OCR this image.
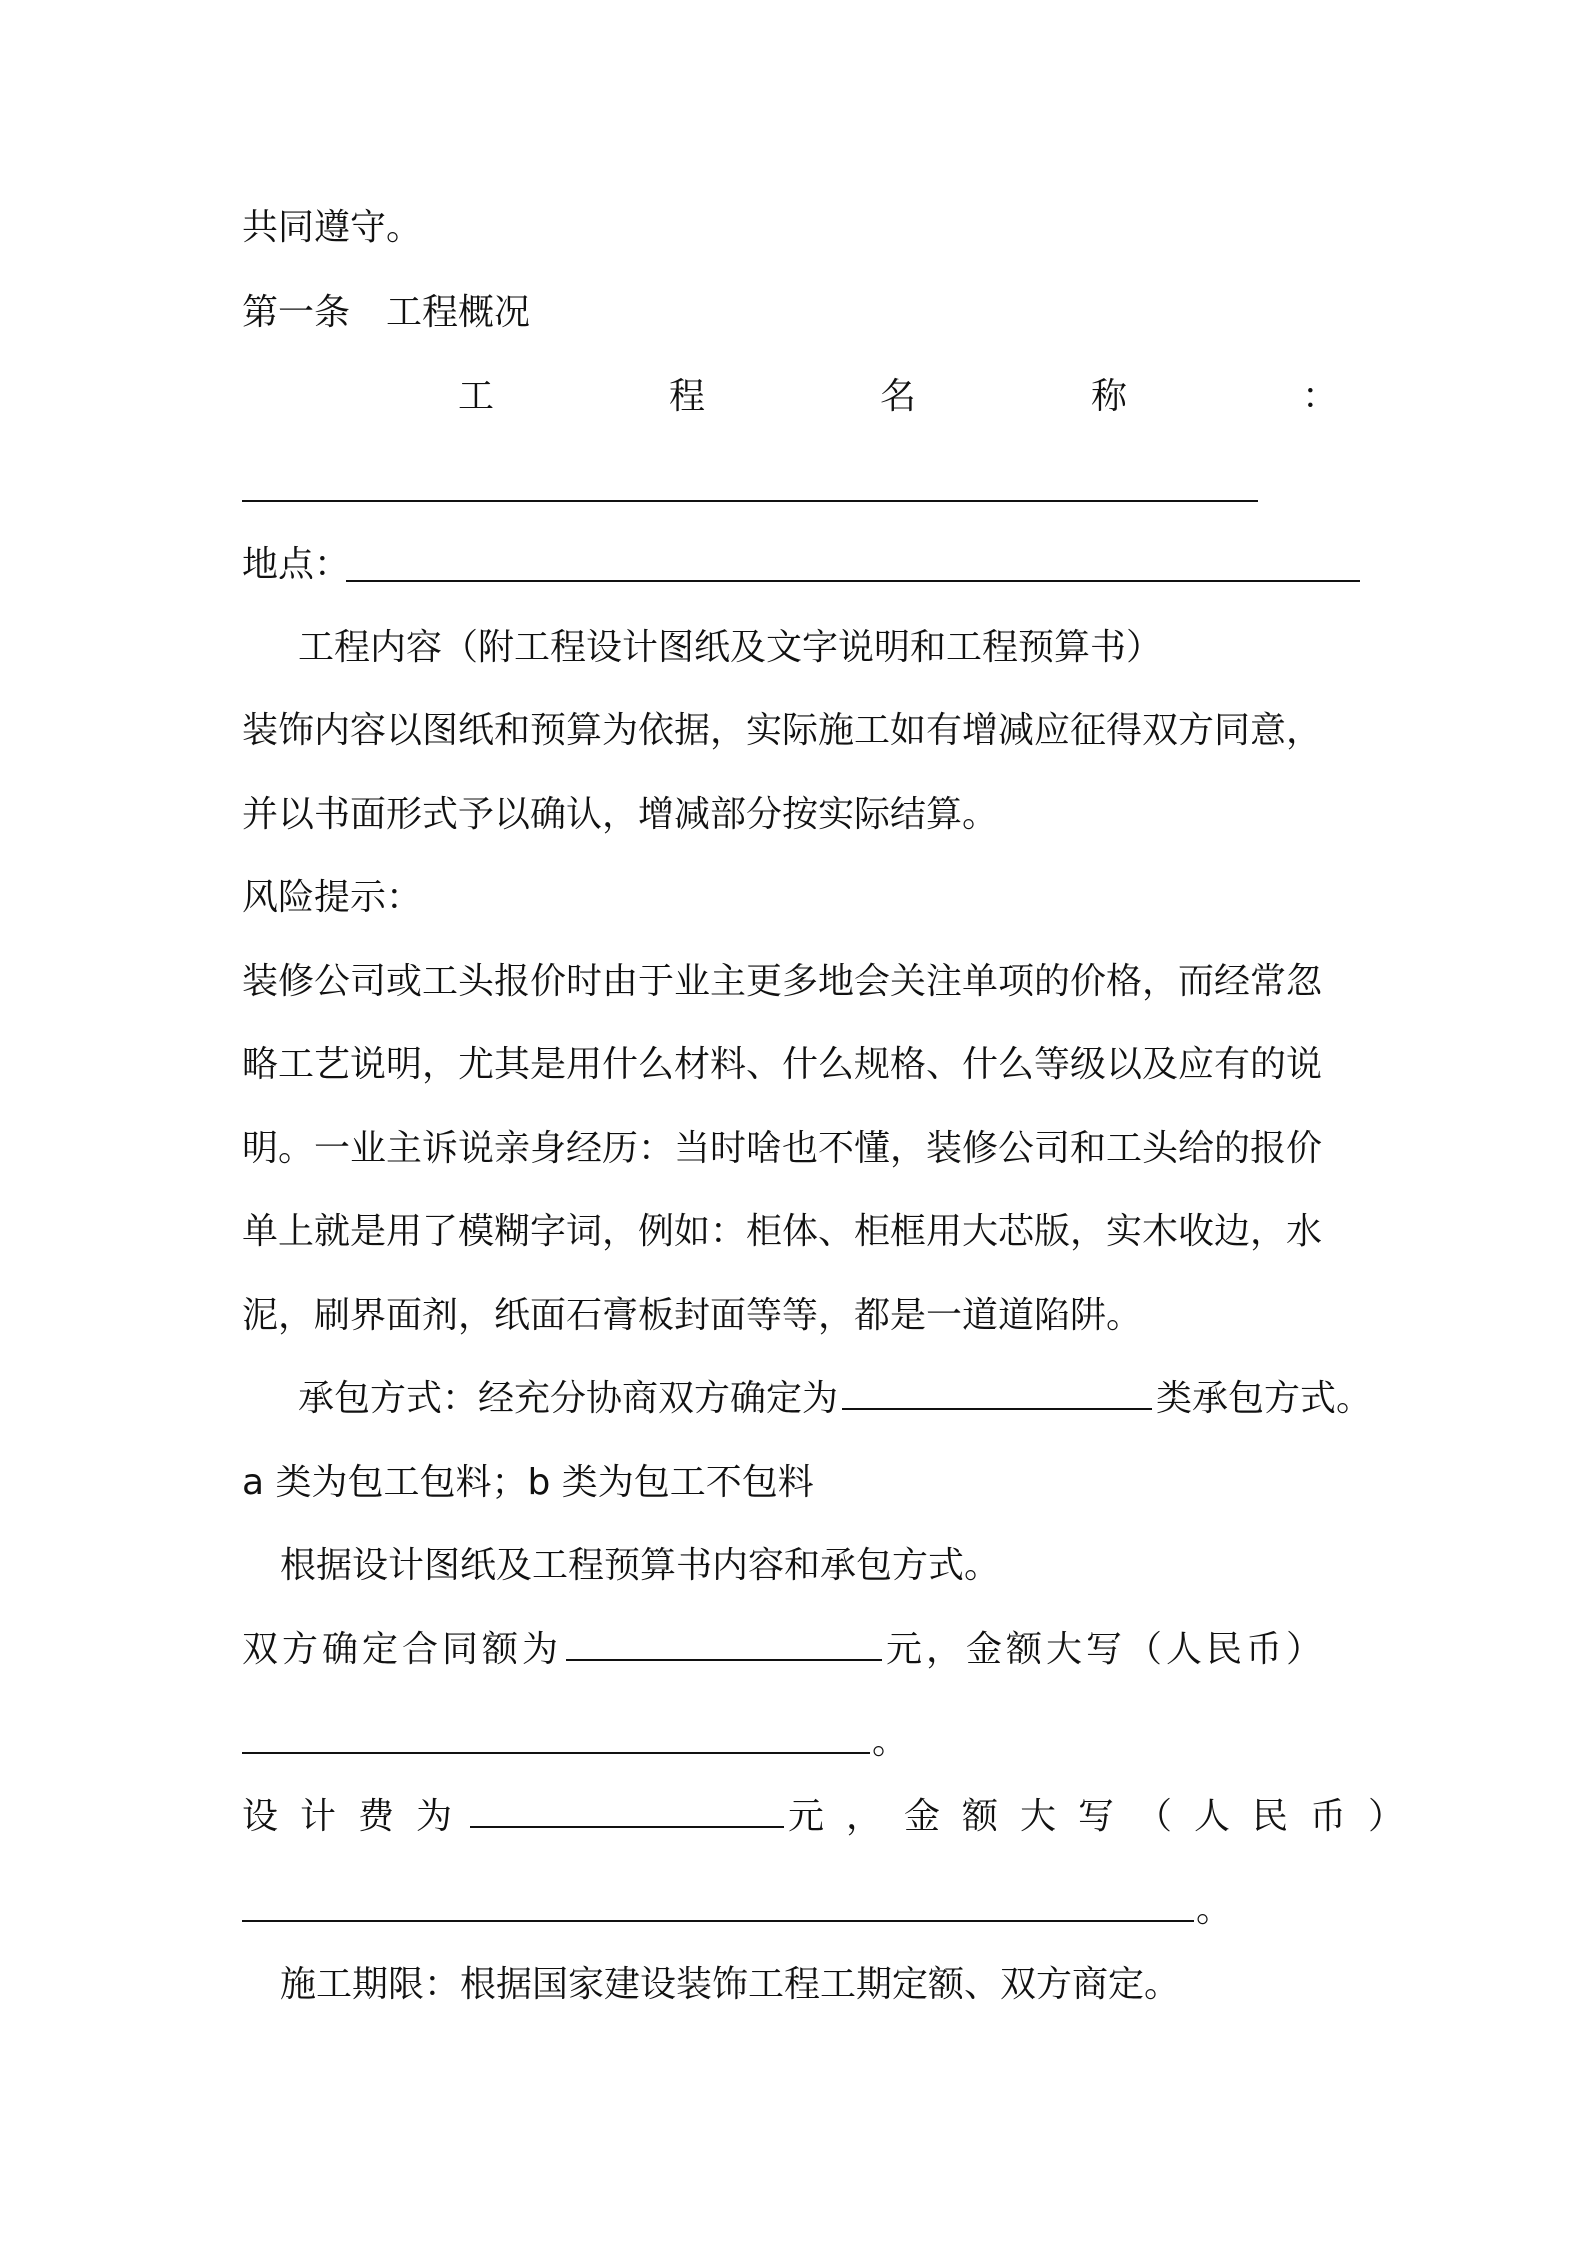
共同遵守。

第一条　工程概况

工	程	名	称	：

地点：

工程内容（附工程设计图纸及文字说明和工程预算书）

装饰内容以图纸和预算为依据，实际施工如有增减应征得双方同意，

并以书面形式予以确认，增减部分按实际结算。

风险提示：

装修公司或工头报价时由于业主更多地会关注单项的价格，而经常忽

略工艺说明，尤其是用什么材料、什么规格、什么等级以及应有的说

明。一业主诉说亲身经历：当时啥也不懂，装修公司和工头给的报价

单上就是用了模糊字词，例如：柜体、柜框用大芯版，实木收边，水

泥，刷界面剂，纸面石膏板封面等等，都是一道道陷阱。

承包方式：经充分协商双方确定为	类承包方式。

a 类为包工包料；b 类为包工不包料

根据设计图纸及工程预算书内容和承包方式。

双方确定合同额为	元，金额大写（人民币）

。

设计费为	元，金额大写（人民币）

。

施工期限：根据国家建设装饰工程工期定额、双方商定。
